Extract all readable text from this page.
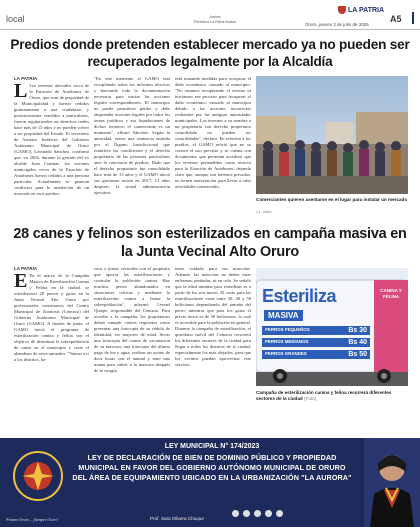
local	Jueves
Periódico La Patria Bolivia
LA PATRIA
Oruro, jueves 3 de julio de 2025
A5
Predios donde pretenden establecer mercado ya no pueden ser recuperados legalmente por la Alcaldía
LA PATRIA
L Los terrenos ubicados cerca de la Estación de Autobuses de Oruro, que eran de propiedad de la Municipalidad y fueron cedidos gratuitamente a una ciudadana, y posteriormente vendidos a particulares, fueron regularizados en derechos reales hace más de 15 años y no pueden volver a ser propiedad del Estado. El secretario de Asuntos Jurídicos del Gobierno Autónomo Municipal de Oruro (GAMO), Leonardo Sánchez, confirmó que, en 2004, durante la gestión del ex alcalde Juan Cuentas, los terrenos municipales cerca de la Estación de Autobuses fueron cedidos a una persona particular. Actualmente se generan conflictos para la instalación de un mercado en esos predios.
"En este momento el GAMO está recopilando todos los informes técnicos y buscando toda la documentación necesaria para iniciar las acciones legales correspondientes. El municipio no puede permitirse perder y debe emprender acciones legales por todos los temas jurídicos y sus liquidaciones de dichos terrenos, el comerciante es un momento", afirmó Sánchez. Según la autoridad, existe una sentencia emitida por el Órgano Jurisdiccional que establece las condiciones y el derecho propietario de las personas particulares ante la concesión de predios. Dado que el derecho propietario fue consolidado hace más de 15 años y el GAMO inició sus gestiones recién en 2017, 13 años después, la actual administración ejecutiva
está tomando medidas para recuperar el daño económico causado al municipio. "No estamos recuperando el terreno ni iniciamos ese proceso para recuperar el daño económico causado al municipio debido a las acciones incorrectas realizadas por las antiguas autoridades municipales. Los terrenos a su nombre a un propietario con derecho propietario consolidado no pueden ser consolidados", declaró. En relación a los predios, el GAMO refirió que no se conoce el uso previsto y se cuenta con documentos que permitan acreditar que los terrenos pretendidos como reserva para la Estación de Autobuses, dejando claro que, aunque son terrenos privados, no tienen autorización para llevar a cabo actividades comerciales.
Comerciantes quieren asentarse en el lugar para instalar un mercado
J.L. Imbo
28 canes y felinos son esterilizados en campaña masiva en la Junta Vecinal Alto Oruro
LA PATRIA
E En el marco de la Campaña Masiva de Esterilización Canina y Felina en la ciudad, se esterilizaron 28 perros y gatos en la Junta Vecinal Alto Oruro por profesionales veterinarios del Centro Municipal de Zoonosis (Cemzoo) del Gobierno Autónomo Municipal de Oruro (GAMO). A finales de junio, el GAMO inició el programa de esterilización canina y felina con el objetivo de disminuir la sobrepoblación de canes en el municipio y crear el abandono de estos animales. "Vamos a ir a los distritos, ba-
rrios y juntas vecinales con el propósito que apoyar las esterilizaciones y controlar la población canina. Hay muchos perros abandonados en situaciones críticas y mediante la esterilización vamos a frenar la sobrepoblación", informó Leonel Quispe, responsable del Cemzoo. Para acceder a la campaña, los propietarios deben cumplir ciertos requisitos como presentar una fotocopia de su cédula de identidad, ser mayores de edad, llevar una fotocopia del carnet de vacunación de su mascota, una fotocopia del último pago de luz o agua, realizar un ayuno de doce horas con el animal y traer una manta para cubrir a la mascota después de la cirugía.
tener cuidado para sus mascotas. Además, las mascotas no deben estar enfermas, preñadas, ni en celo. Se señaló que la edad mínima para esterilizar es a partir de los seis meses. El costo para las esterilizaciones varía entre 30, 40 y 50 bolivianos dependiendo del tamaño del perro, mientras que para los gatos el precio único es de 30 bolivianos, lo cual es accesible para la población en general. Durante la campaña de esterilización, el quirófano móvil del Cemzoo recorrerá los diferentes sectores de la ciudad para llegar a todos los distritos de la ciudad, especialmente los más alejados, para que los vecinos puedan aprovechar este servicio.
Esteriliza
MASIVA
CANINA Y FELINA
PERROS PEQUEÑOS	Bs 30
PERROS MEDIANOS	Bs 40
PERROS GRANDES	Bs 50
Campaña de esterilización canina y felina recorrerá diferentes sectores de la ciudad (Foto)
LEY MUNICIPAL N° 174/2023
LEY DE DECLARACIÓN DE BIEN DE DOMINIO PÚBLICO Y PROPIEDAD MUNICIPAL EN FAVOR DEL GOBIERNO AUTÓNOMO MUNICIPAL DE ORURO DEL ÁREA DE EQUIPAMIENTO UBICADO EN LA URBANIZACIÓN "LA AURORA"
Prof. Sara Olivera Choque
Primero Oruro... ¡Siempre Oruro!
